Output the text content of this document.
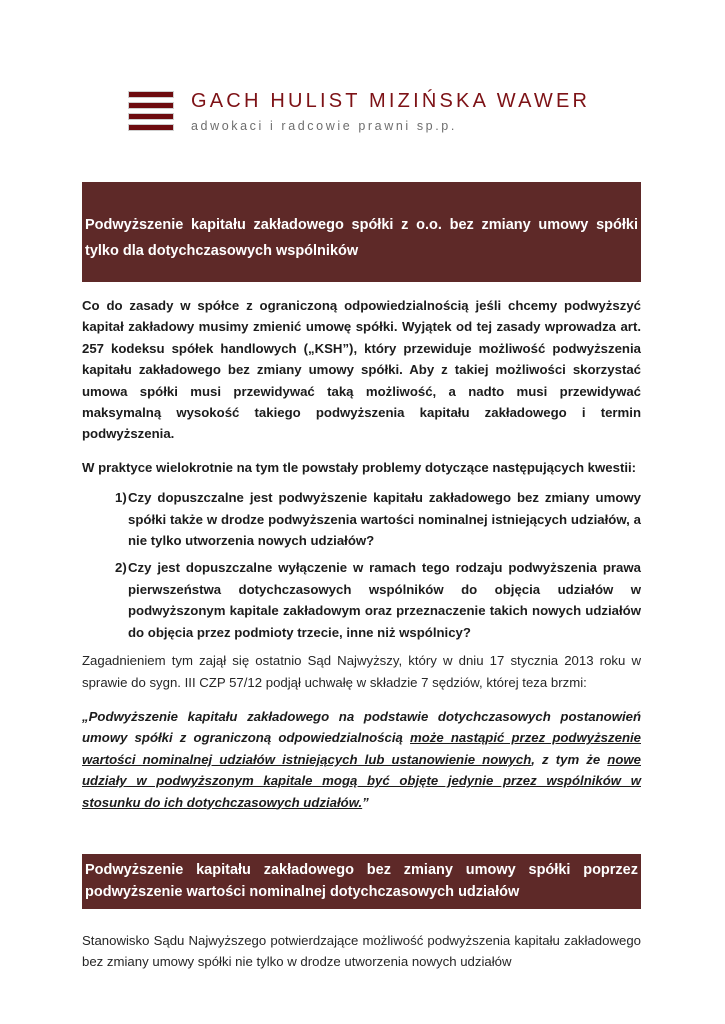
GACH HULIST MIZIŃSKA WAWER
adwokaci i radcowie prawni sp.p.
Podwyższenie kapitału zakładowego spółki z o.o. bez zmiany umowy spółki tylko dla dotychczasowych wspólników
Co do zasady w spółce z ograniczoną odpowiedzialnością jeśli chcemy podwyższyć kapitał zakładowy musimy zmienić umowę spółki. Wyjątek od tej zasady wprowadza art. 257 kodeksu spółek handlowych („KSH”), który przewiduje możliwość podwyższenia kapitału zakładowego bez zmiany umowy spółki. Aby z takiej możliwości skorzystać umowa spółki musi przewidywać taką możliwość, a nadto musi przewidywać maksymalną wysokość takiego podwyższenia kapitału zakładowego i termin podwyższenia.
W praktyce wielokrotnie na tym tle powstały problemy dotyczące następujących kwestii:
1) Czy dopuszczalne jest podwyższenie kapitału zakładowego bez zmiany umowy spółki także w drodze podwyższenia wartości nominalnej istniejących udziałów, a nie tylko utworzenia nowych udziałów?
2) Czy jest dopuszczalne wyłączenie w ramach tego rodzaju podwyższenia prawa pierwszeństwa dotychczasowych wspólników do objęcia udziałów w podwyższonym kapitale zakładowym oraz przeznaczenie takich nowych udziałów do objęcia przez podmioty trzecie, inne niż wspólnicy?
Zagadnieniem tym zajął się ostatnio Sąd Najwyższy, który w dniu 17 stycznia 2013 roku w sprawie do sygn. III CZP 57/12 podjął uchwałę w składzie 7 sędziów, której teza brzmi:
„Podwyższenie kapitału zakładowego na podstawie dotychczasowych postanowień umowy spółki z ograniczoną odpowiedzialnością może nastąpić przez podwyższenie wartości nominalnej udziałów istniejących lub ustanowienie nowych, z tym że nowe udziały w podwyższonym kapitale mogą być objęte jedynie przez wspólników w stosunku do ich dotychczasowych udziałów.”
Podwyższenie kapitału zakładowego bez zmiany umowy spółki poprzez podwyższenie wartości nominalnej dotychczasowych udziałów
Stanowisko Sądu Najwyższego potwierdzające możliwość podwyższenia kapitału zakładowego bez zmiany umowy spółki nie tylko w drodze utworzenia nowych udziałów
